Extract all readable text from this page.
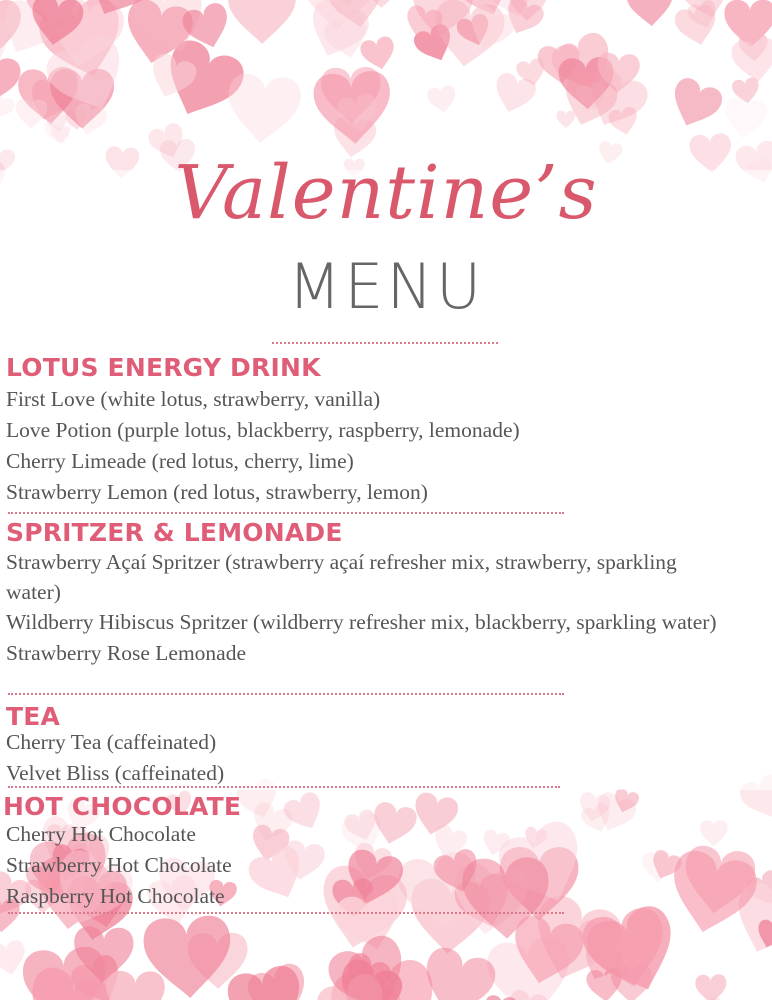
Valentine’s
MENU
LOTUS ENERGY DRINK
First Love (white lotus, strawberry, vanilla)
Love Potion (purple lotus, blackberry, raspberry, lemonade)
Cherry Limeade (red lotus, cherry, lime)
Strawberry Lemon (red lotus, strawberry, lemon)
SPRITZER & LEMONADE
Strawberry Açaí Spritzer (strawberry açaí refresher mix, strawberry, sparkling water)
Wildberry Hibiscus Spritzer (wildberry refresher mix, blackberry, sparkling water)
Strawberry Rose Lemonade
TEA
Cherry Tea (caffeinated)
Velvet Bliss (caffeinated)
HOT CHOCOLATE
Cherry Hot Chocolate
Strawberry Hot Chocolate
Raspberry Hot Chocolate
